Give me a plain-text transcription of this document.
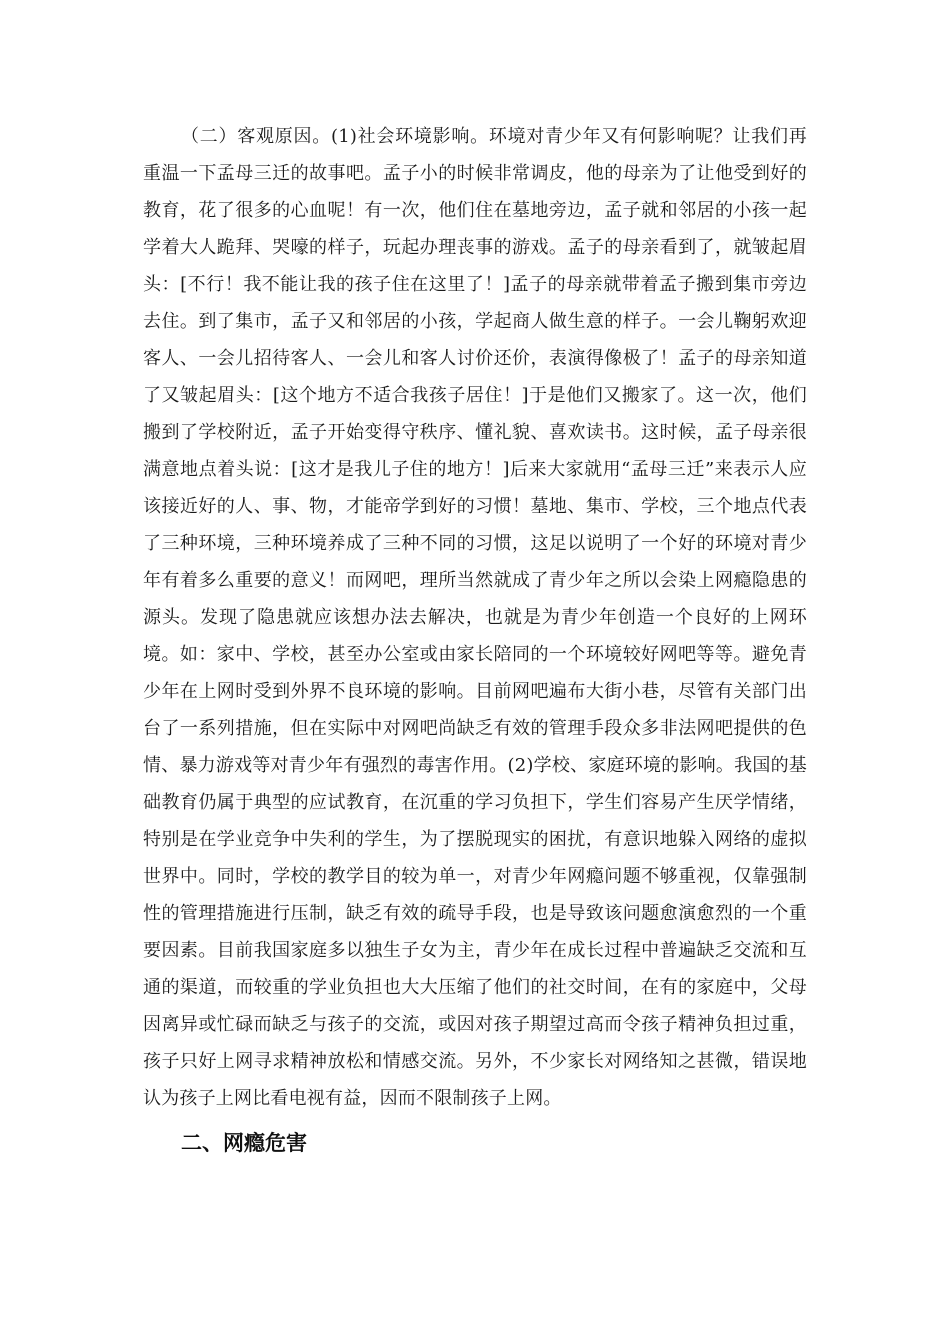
（二）客观原因。(1)社会环境影响。环境对青少年又有何影响呢？让我们再重温一下孟母三迁的故事吧。孟子小的时候非常调皮，他的母亲为了让他受到好的教育，花了很多的心血呢！有一次，他们住在墓地旁边，孟子就和邻居的小孩一起学着大人跪拜、哭嚎的样子，玩起办理丧事的游戏。孟子的母亲看到了，就皱起眉头：[不行！我不能让我的孩子住在这里了！]孟子的母亲就带着孟子搬到集市旁边去住。到了集市，孟子又和邻居的小孩，学起商人做生意的样子。一会儿鞠躬欢迎客人、一会儿招待客人、一会儿和客人讨价还价，表演得像极了！孟子的母亲知道了又皱起眉头：[这个地方不适合我孩子居住！]于是他们又搬家了。这一次，他们搬到了学校附近，孟子开始变得守秩序、懂礼貌、喜欢读书。这时候，孟子母亲很满意地点着头说：[这才是我儿子住的地方！]后来大家就用“孟母三迁”来表示人应该接近好的人、事、物，才能帝学到好的习惯！墓地、集市、学校，三个地点代表了三种环境，三种环境养成了三种不同的习惯，这足以说明了一个好的环境对青少年有着多么重要的意义！而网吧，理所当然就成了青少年之所以会染上网瘾隐患的源头。发现了隐患就应该想办法去解决，也就是为青少年创造一个良好的上网环境。如：家中、学校，甚至办公室或由家长陪同的一个环境较好网吧等等。避免青少年在上网时受到外界不良环境的影响。目前网吧遍布大街小巷，尽管有关部门出台了一系列措施，但在实际中对网吧尚缺乏有效的管理手段众多非法网吧提供的色情、暴力游戏等对青少年有强烈的毒害作用。(2)学校、家庭环境的影响。我国的基础教育仍属于典型的应试教育，在沉重的学习负担下，学生们容易产生厌学情绪，特别是在学业竞争中失利的学生，为了摆脱现实的困扰，有意识地躲入网络的虚拟世界中。同时，学校的教学目的较为单一，对青少年网瘾问题不够重视，仅靠强制性的管理措施进行压制，缺乏有效的疏导手段，也是导致该问题愈演愈烈的一个重要因素。目前我国家庭多以独生子女为主，青少年在成长过程中普遍缺乏交流和互通的渠道，而较重的学业负担也大大压缩了他们的社交时间，在有的家庭中，父母因离异或忙碌而缺乏与孩子的交流，或因对孩子期望过高而令孩子精神负担过重，孩子只好上网寻求精神放松和情感交流。另外，不少家长对网络知之甚微，错误地认为孩子上网比看电视有益，因而不限制孩子上网。

二、网瘾危害
